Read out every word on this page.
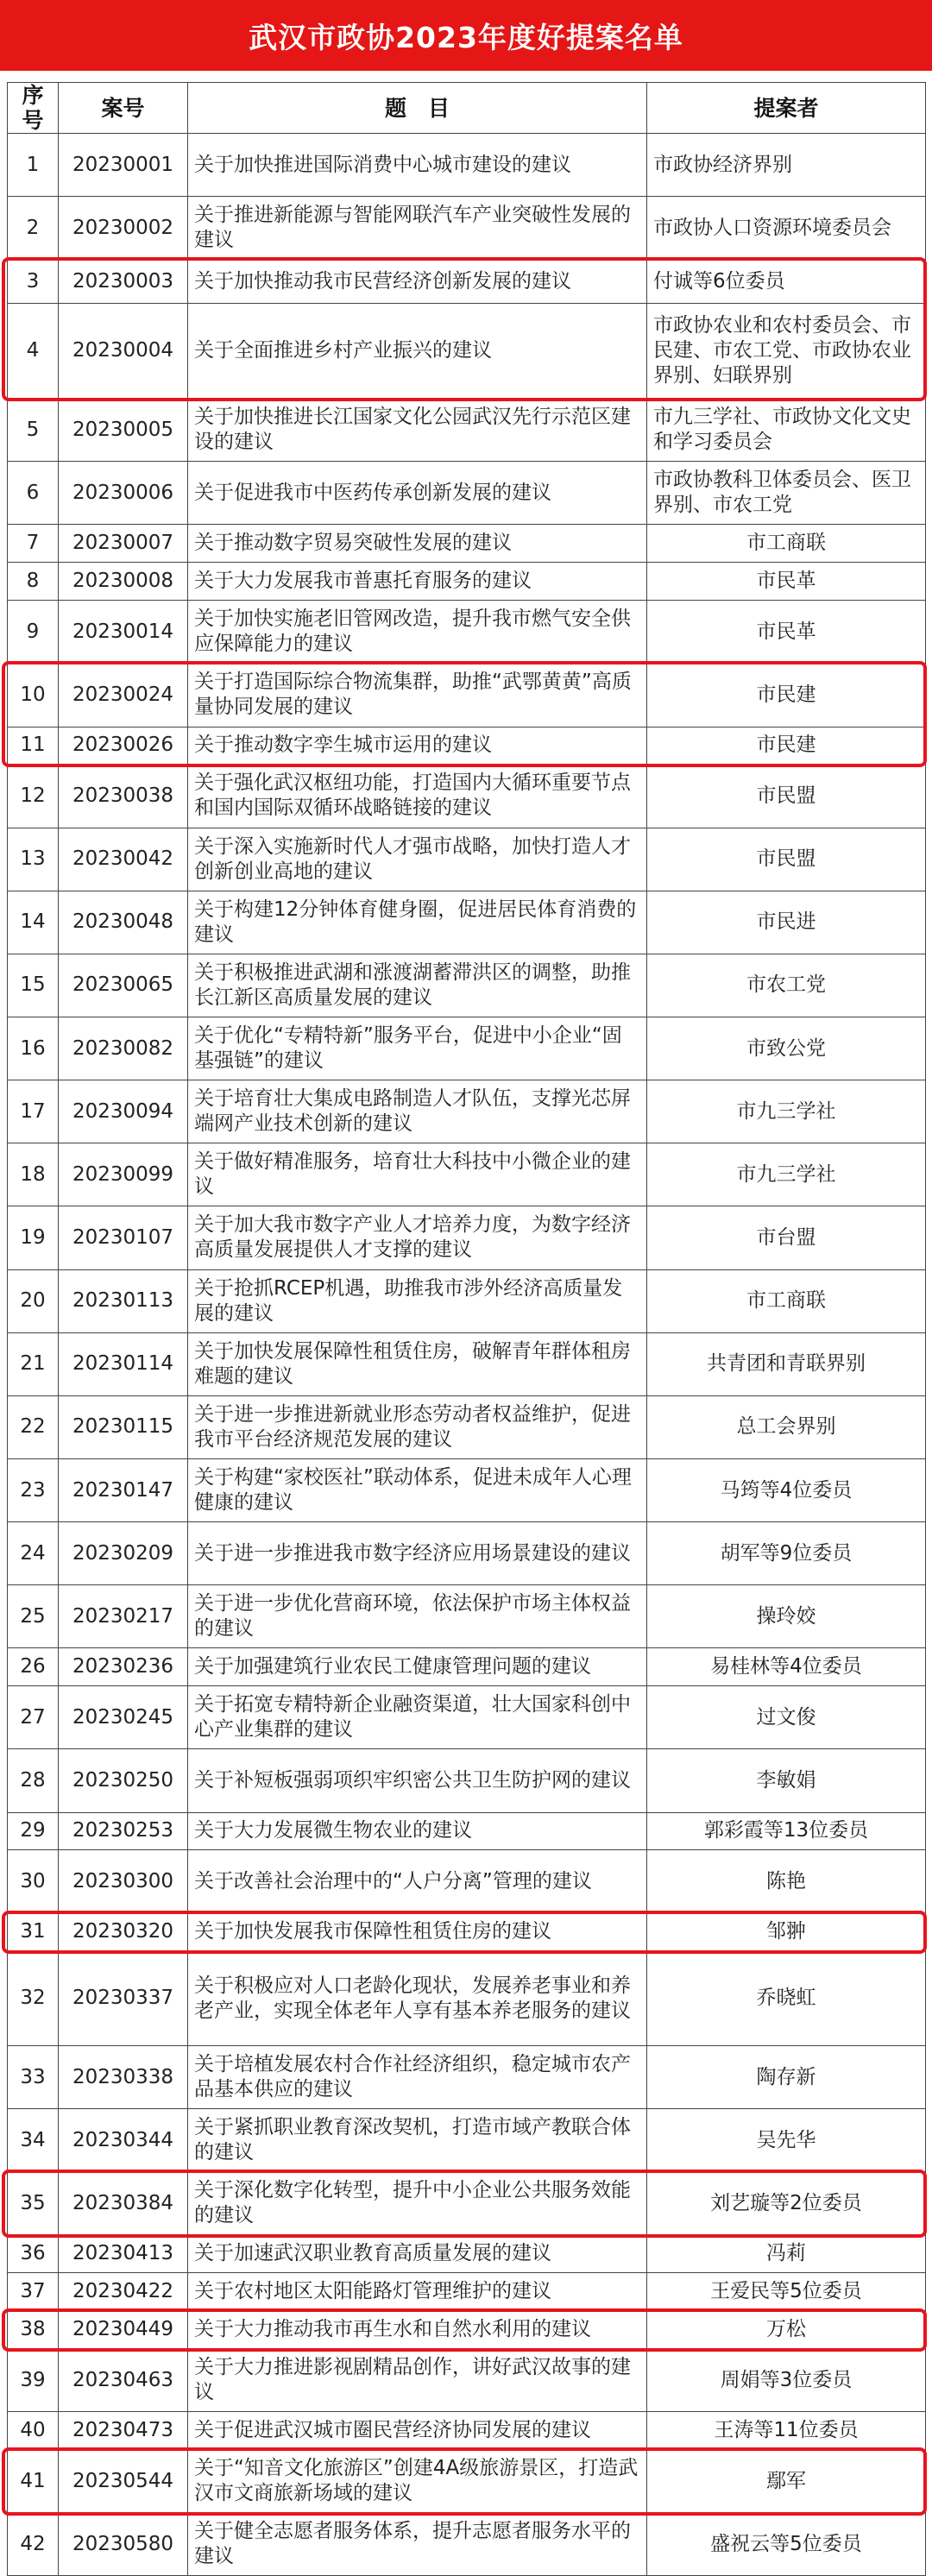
武汉市政协2023年度好提案名单
序号	案号	题　目	提案者
1	20230001	关于加快推进国际消费中心城市建设的建议	市政协经济界别
2	20230002	关于推进新能源与智能网联汽车产业突破性发展的建议	市政协人口资源环境委员会
3	20230003	关于加快推动我市民营经济创新发展的建议	付诚等6位委员
4	20230004	关于全面推进乡村产业振兴的建议	市政协农业和农村委员会、市民建、市农工党、市政协农业界别、妇联界别
5	20230005	关于加快推进长江国家文化公园武汉先行示范区建设的建议	市九三学社、市政协文化文史和学习委员会
6	20230006	关于促进我市中医药传承创新发展的建议	市政协教科卫体委员会、医卫界别、市农工党
7	20230007	关于推动数字贸易突破性发展的建议	市工商联
8	20230008	关于大力发展我市普惠托育服务的建议	市民革
9	20230014	关于加快实施老旧管网改造，提升我市燃气安全供应保障能力的建议	市民革
10	20230024	关于打造国际综合物流集群，助推“武鄂黄黄”高质量协同发展的建议	市民建
11	20230026	关于推动数字孪生城市运用的建议	市民建
12	20230038	关于强化武汉枢纽功能，打造国内大循环重要节点和国内国际双循环战略链接的建议	市民盟
13	20230042	关于深入实施新时代人才强市战略，加快打造人才创新创业高地的建议	市民盟
14	20230048	关于构建12分钟体育健身圈，促进居民体育消费的建议	市民进
15	20230065	关于积极推进武湖和涨渡湖蓄滞洪区的调整，助推长江新区高质量发展的建议	市农工党
16	20230082	关于优化“专精特新”服务平台，促进中小企业“固基强链”的建议	市致公党
17	20230094	关于培育壮大集成电路制造人才队伍，支撑光芯屏端网产业技术创新的建议	市九三学社
18	20230099	关于做好精准服务，培育壮大科技中小微企业的建议	市九三学社
19	20230107	关于加大我市数字产业人才培养力度，为数字经济高质量发展提供人才支撑的建议	市台盟
20	20230113	关于抢抓RCEP机遇，助推我市涉外经济高质量发展的建议	市工商联
21	20230114	关于加快发展保障性租赁住房，破解青年群体租房难题的建议	共青团和青联界别
22	20230115	关于进一步推进新就业形态劳动者权益维护，促进我市平台经济规范发展的建议	总工会界别
23	20230147	关于构建“家校医社”联动体系，促进未成年人心理健康的建议	马筠等4位委员
24	20230209	关于进一步推进我市数字经济应用场景建设的建议	胡军等9位委员
25	20230217	关于进一步优化营商环境，依法保护市场主体权益的建议	操玲姣
26	20230236	关于加强建筑行业农民工健康管理问题的建议	易桂林等4位委员
27	20230245	关于拓宽专精特新企业融资渠道，壮大国家科创中心产业集群的建议	过文俊
28	20230250	关于补短板强弱项织牢织密公共卫生防护网的建议	李敏娟
29	20230253	关于大力发展微生物农业的建议	郭彩霞等13位委员
30	20230300	关于改善社会治理中的“人户分离”管理的建议	陈艳
31	20230320	关于加快发展我市保障性租赁住房的建议	邹翀
32	20230337	关于积极应对人口老龄化现状，发展养老事业和养老产业，实现全体老年人享有基本养老服务的建议	乔晓虹
33	20230338	关于培植发展农村合作社经济组织，稳定城市农产品基本供应的建议	陶存新
34	20230344	关于紧抓职业教育深改契机，打造市域产教联合体的建议	吴先华
35	20230384	关于深化数字化转型，提升中小企业公共服务效能的建议	刘艺璇等2位委员
36	20230413	关于加速武汉职业教育高质量发展的建议	冯莉
37	20230422	关于农村地区太阳能路灯管理维护的建议	王爱民等5位委员
38	20230449	关于大力推动我市再生水和自然水利用的建议	万松
39	20230463	关于大力推进影视剧精品创作，讲好武汉故事的建议	周娟等3位委员
40	20230473	关于促进武汉城市圈民营经济协同发展的建议	王涛等11位委员
41	20230544	关于“知音文化旅游区”创建4A级旅游景区，打造武汉市文商旅新场域的建议	鄢军
42	20230580	关于健全志愿者服务体系，提升志愿者服务水平的建议	盛祝云等5位委员
